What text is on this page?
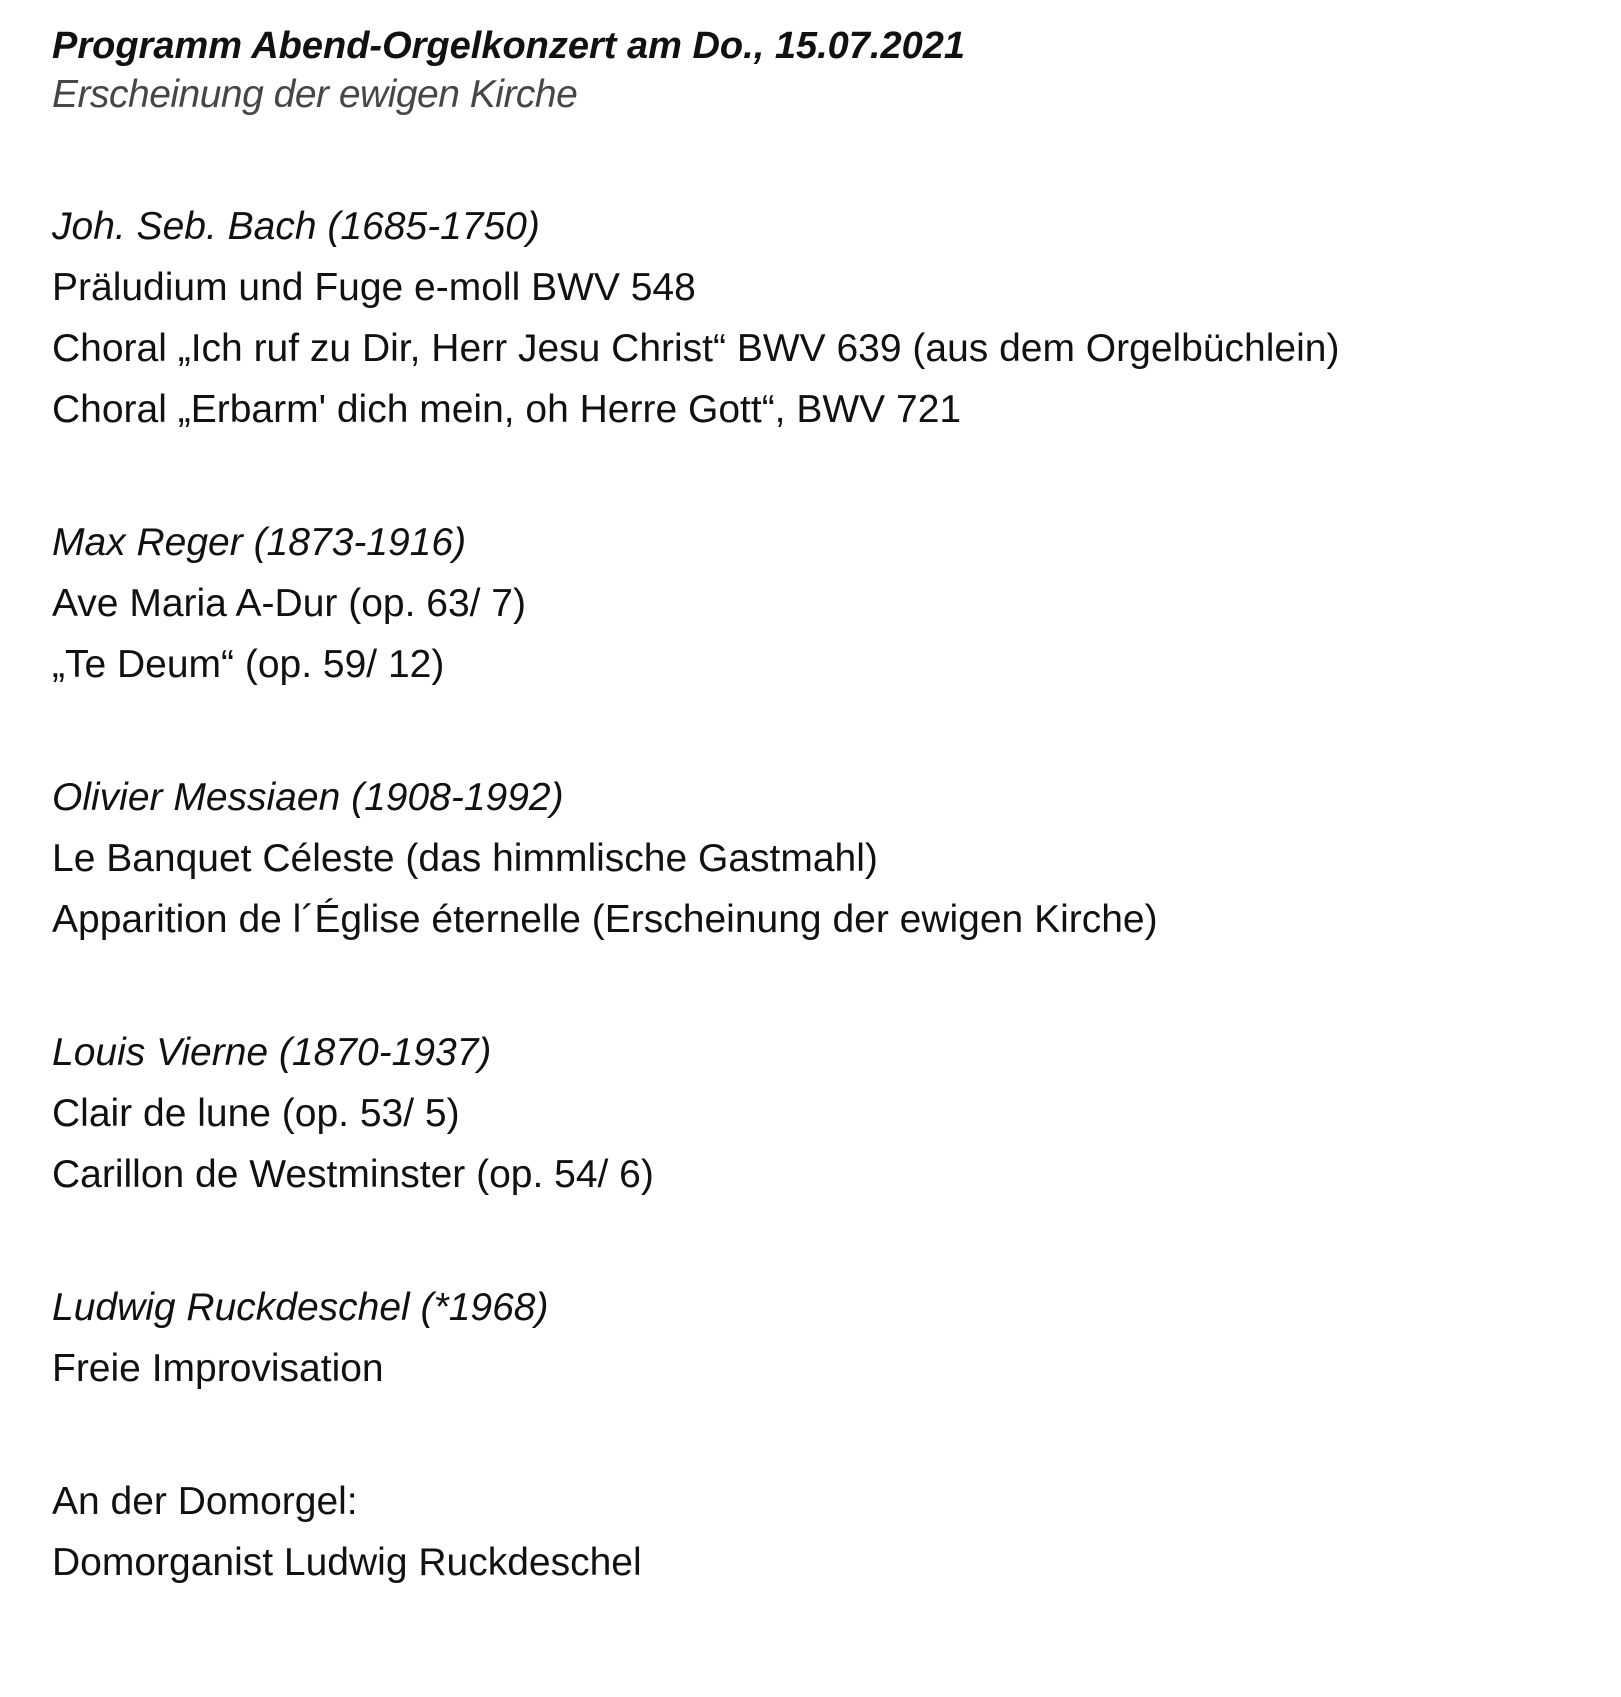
Programm Abend-Orgelkonzert am Do., 15.07.2021
Erscheinung der ewigen Kirche
Joh. Seb. Bach (1685-1750)
Präludium und Fuge e-moll BWV 548
Choral „Ich ruf zu Dir, Herr Jesu Christ“ BWV 639 (aus dem Orgelbüchlein)
Choral „Erbarm' dich mein, oh Herre Gott“, BWV 721
Max Reger (1873-1916)
Ave Maria A-Dur (op. 63/ 7)
„Te Deum“ (op. 59/ 12)
Olivier Messiaen (1908-1992)
Le Banquet Céleste (das himmlische Gastmahl)
Apparition de l´Église éternelle (Erscheinung der ewigen Kirche)
Louis Vierne (1870-1937)
Clair de lune (op. 53/ 5)
Carillon de Westminster (op. 54/ 6)
Ludwig Ruckdeschel (*1968)
Freie Improvisation
An der Domorgel:
Domorganist Ludwig Ruckdeschel
